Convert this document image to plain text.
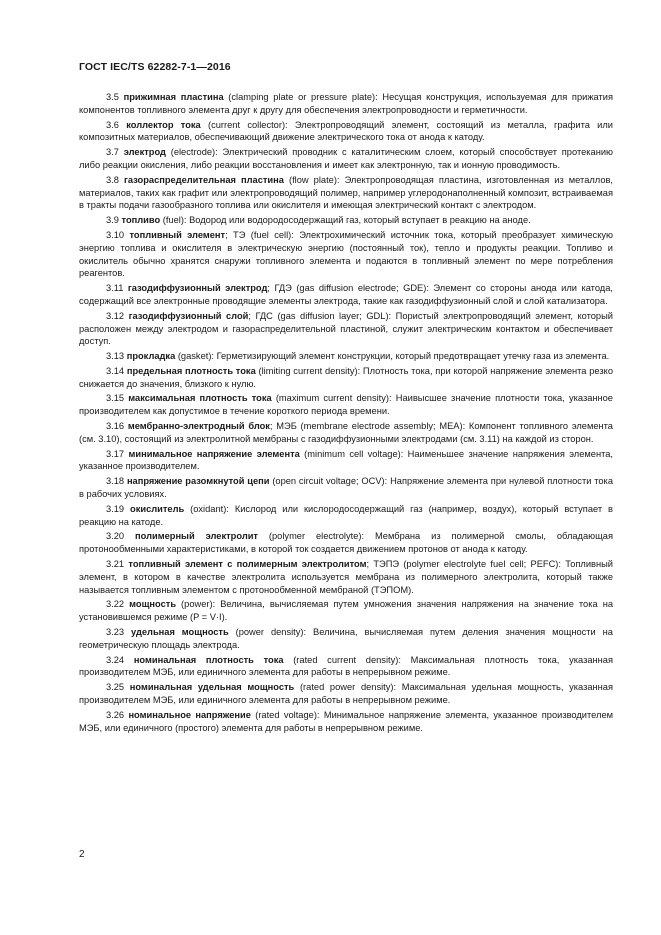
ГОСТ IEC/TS 62282-7-1—2016

3.5 прижимная пластина (clamping plate or pressure plate): Несущая конструкция, используемая для прижатия компонентов топливного элемента друг к другу для обеспечения электропроводности и герметичности.

3.6 коллектор тока (current collector): Электропроводящий элемент, состоящий из металла, графита или композитных материалов, обеспечивающий движение электрического тока от анода к катоду.

3.7 электрод (electrode): Электрический проводник с каталитическим слоем, который способствует протеканию либо реакции окисления, либо реакции восстановления и имеет как электронную, так и ионную проводимость.

3.8 газораспределительная пластина (flow plate): Электропроводящая пластина, изготовленная из металлов, материалов, таких как графит или электропроводящий полимер, например углеродонаполненный композит, встраиваемая в тракты подачи газообразного топлива или окислителя и имеющая электрический контакт с электродом.

3.9 топливо (fuel): Водород или водородосодержащий газ, который вступает в реакцию на аноде.

3.10 топливный элемент; ТЭ (fuel cell): Электрохимический источник тока, который преобразует химическую энергию топлива и окислителя в электрическую энергию (постоянный ток), тепло и продукты реакции. Топливо и окислитель обычно хранятся снаружи топливного элемента и подаются в топливный элемент по мере потребления реагентов.

3.11 газодиффузионный электрод; ГДЭ (gas diffusion electrode; GDE): Элемент со стороны анода или катода, содержащий все электронные проводящие элементы электрода, такие как газодиффузионный слой и слой катализатора.

3.12 газодиффузионный слой; ГДС (gas diffusion layer; GDL): Пористый электропроводящий элемент, который расположен между электродом и газораспределительной пластиной, служит электрическим контактом и обеспечивает доступ.

3.13 прокладка (gasket): Герметизирующий элемент конструкции, который предотвращает утечку газа из элемента.

3.14 предельная плотность тока (limiting current density): Плотность тока, при которой напряжение элемента резко снижается до значения, близкого к нулю.

3.15 максимальная плотность тока (maximum current density): Наивысшее значение плотности тока, указанное производителем как допустимое в течение короткого периода времени.

3.16 мембранно-электродный блок; МЭБ (membrane electrode assembly; MEA): Компонент топливного элемента (см. 3.10), состоящий из электролитной мембраны с газодиффузионными электродами (см. 3.11) на каждой из сторон.

3.17 минимальное напряжение элемента (minimum cell voltage): Наименьшее значение напряжения элемента, указанное производителем.

3.18 напряжение разомкнутой цепи (open circuit voltage; OCV): Напряжение элемента при нулевой плотности тока в рабочих условиях.

3.19 окислитель (oxidant): Кислород или кислородосодержащий газ (например, воздух), который вступает в реакцию на катоде.

3.20 полимерный электролит (polymer electrolyte): Мембрана из полимерной смолы, обладающая протонообменными характеристиками, в которой ток создается движением протонов от анода к катоду.

3.21 топливный элемент с полимерным электролитом; ТЭПЭ (polymer electrolyte fuel cell; PEFC): Топливный элемент, в котором в качестве электролита используется мембрана из полимерного электролита, который также называется топливным элементом с протонообменной мембраной (ТЭПОМ).

3.22 мощность (power): Величина, вычисляемая путем умножения значения напряжения на значение тока на установившемся режиме (P = V·I).

3.23 удельная мощность (power density): Величина, вычисляемая путем деления значения мощности на геометрическую площадь электрода.

3.24 номинальная плотность тока (rated current density): Максимальная плотность тока, указанная производителем МЭБ, или единичного элемента для работы в непрерывном режиме.

3.25 номинальная удельная мощность (rated power density): Максимальная удельная мощность, указанная производителем МЭБ, или единичного элемента для работы в непрерывном режиме.

3.26 номинальное напряжение (rated voltage): Минимальное напряжение элемента, указанное производителем МЭБ, или единичного (простого) элемента для работы в непрерывном режиме.

2
